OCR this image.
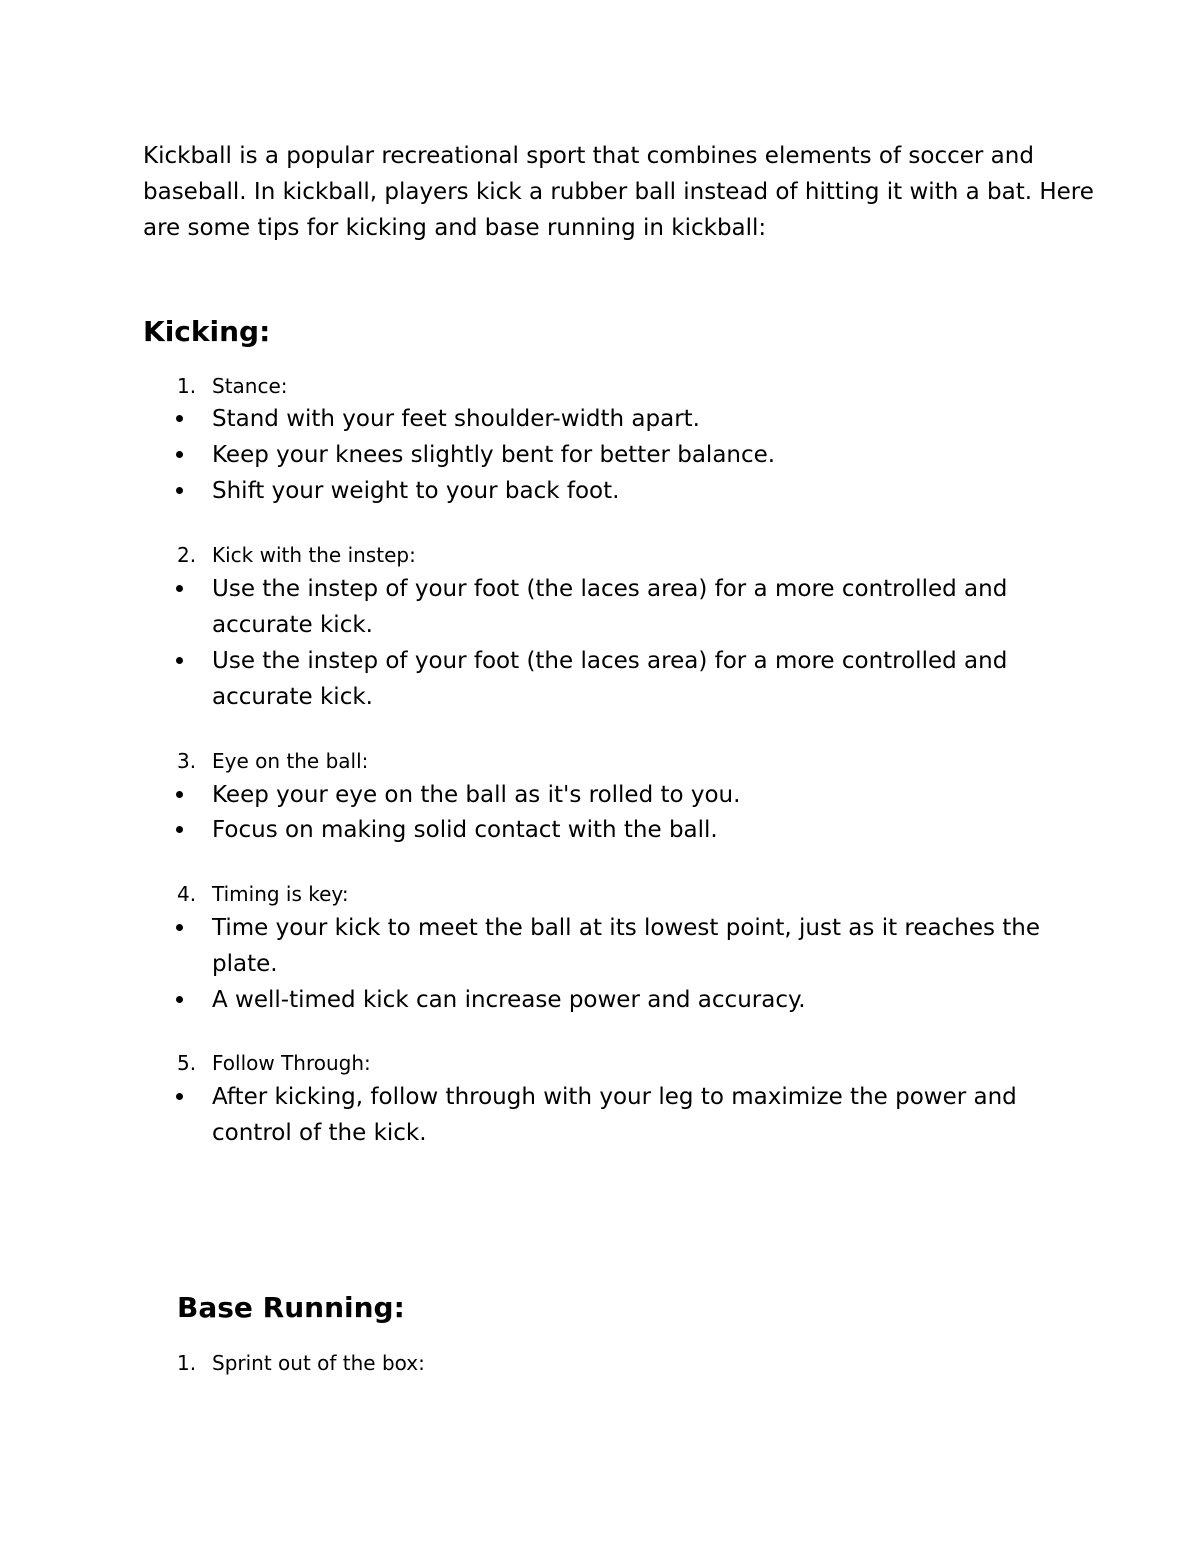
Kickball is a popular recreational sport that combines elements of soccer and baseball. In kickball, players kick a rubber ball instead of hitting it with a bat. Here are some tips for kicking and base running in kickball:

Kicking:

1. Stance:

Stand with your feet shoulder-width apart.

Keep your knees slightly bent for better balance.

Shift your weight to your back foot.

2. Kick with the instep:

Use the instep of your foot (the laces area) for a more controlled and accurate kick.

Use the instep of your foot (the laces area) for a more controlled and accurate kick.

3. Eye on the ball:

Keep your eye on the ball as it's rolled to you.

Focus on making solid contact with the ball.

4. Timing is key:

Time your kick to meet the ball at its lowest point, just as it reaches the plate.

A well-timed kick can increase power and accuracy.

5. Follow Through:

After kicking, follow through with your leg to maximize the power and control of the kick.

Base Running:

1. Sprint out of the box:
